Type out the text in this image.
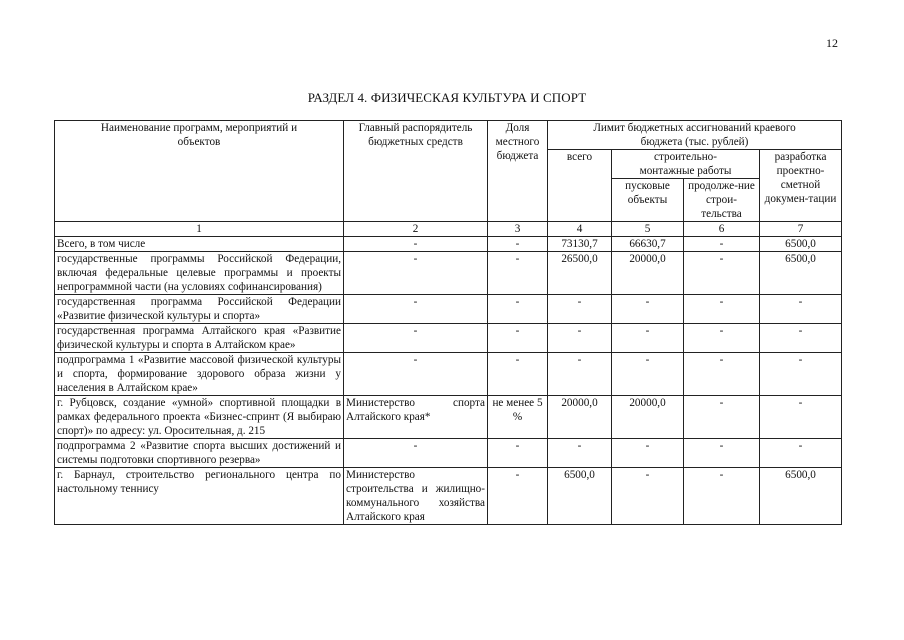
12
РАЗДЕЛ 4. ФИЗИЧЕСКАЯ КУЛЬТУРА И СПОРТ
Наименование программ, мероприятий и объектов	Главный распорядитель бюджетных средств	Доля местного бюджета	Лимит бюджетных ассигнований краевого бюджета (тыс. рублей)			
			всего	строительно-монтажные работы		разработка проектно-сметной докумен-тации
				пусковые объекты	продолже-ние строи-тельства	
1	2	3	4	5	6	7
Всего, в том числе	-	-	73130,7	66630,7	-	6500,0
государственные программы Российской Федерации, включая федеральные целевые программы и проекты непрограммной части (на условиях софинансирования)	-	-	26500,0	20000,0	-	6500,0
государственная программа Российской Федерации «Развитие физической культуры и спорта»	-	-	-	-	-	-
государственная программа Алтайского края «Развитие физической культуры и спорта в Алтайском крае»	-	-	-	-	-	-
подпрограмма 1 «Развитие массовой физической культуры и спорта, формирование здорового образа жизни у населения в Алтайском крае»	-	-	-	-	-	-
г. Рубцовск, создание «умной» спортивной площадки в рамках федерального проекта «Бизнес-спринт (Я выбираю спорт)» по адресу: ул. Оросительная, д. 215	Министерство спорта Алтайского края*	не менее 5 %	20000,0	20000,0	-	-
подпрограмма 2 «Развитие спорта высших достижений и системы подготовки спортивного резерва»	-	-	-	-	-	-
г. Барнаул, строительство регионального центра по настольному теннису	Министерство строительства и жилищно-коммунального хозяйства Алтайского края	-	6500,0	-	-	6500,0
